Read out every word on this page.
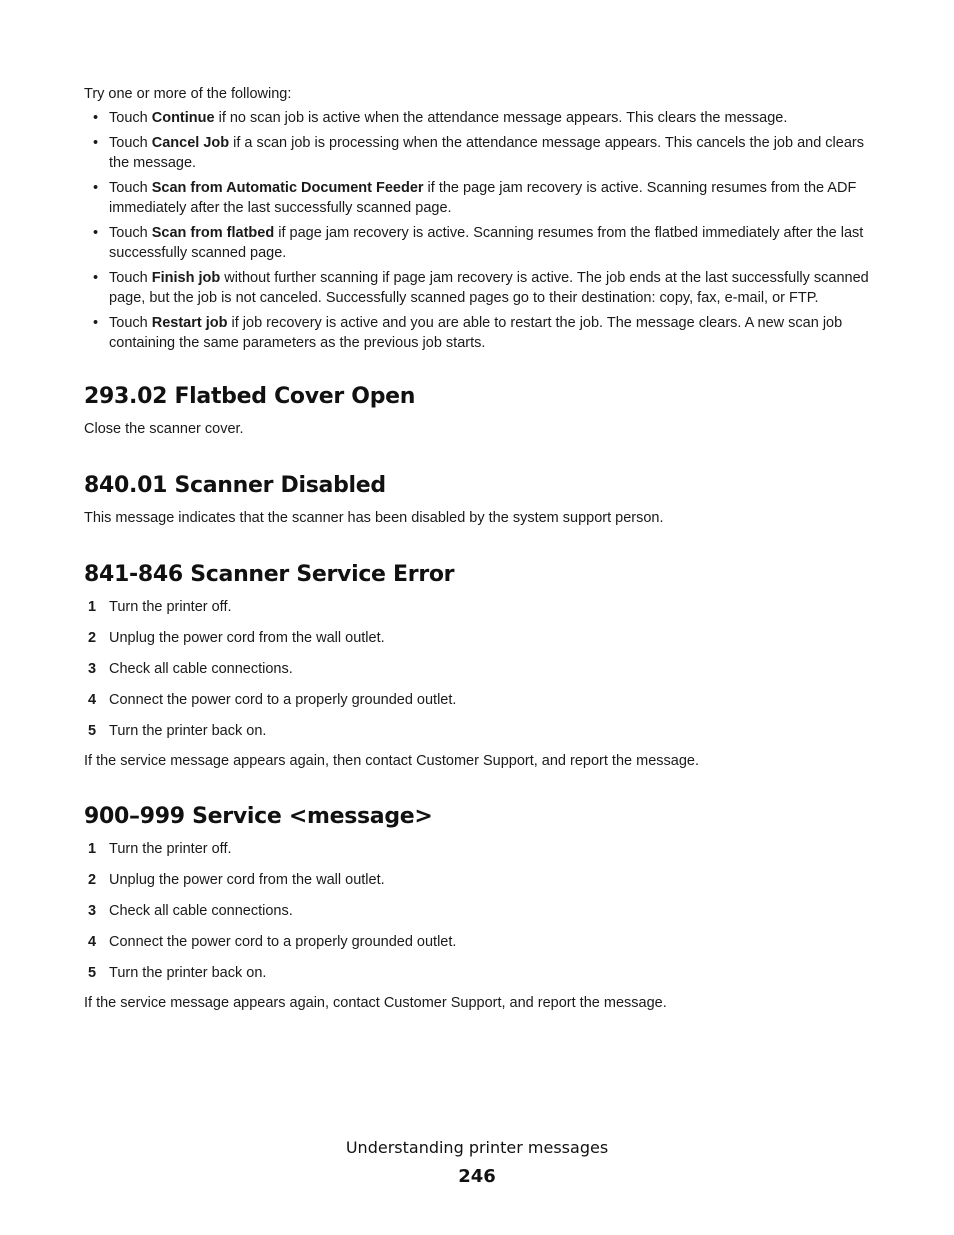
Try one or more of the following:

• Touch Continue if no scan job is active when the attendance message appears. This clears the message.
• Touch Cancel Job if a scan job is processing when the attendance message appears. This cancels the job and clears the message.
• Touch Scan from Automatic Document Feeder if the page jam recovery is active. Scanning resumes from the ADF immediately after the last successfully scanned page.
• Touch Scan from flatbed if page jam recovery is active. Scanning resumes from the flatbed immediately after the last successfully scanned page.
• Touch Finish job without further scanning if page jam recovery is active. The job ends at the last successfully scanned page, but the job is not canceled. Successfully scanned pages go to their destination: copy, fax, e-mail, or FTP.
• Touch Restart job if job recovery is active and you are able to restart the job. The message clears. A new scan job containing the same parameters as the previous job starts.
293.02 Flatbed Cover Open

Close the scanner cover.

840.01 Scanner Disabled

This message indicates that the scanner has been disabled by the system support person.

841-846 Scanner Service Error
1 Turn the printer off.
2 Unplug the power cord from the wall outlet.
3 Check all cable connections.
4 Connect the power cord to a properly grounded outlet.
5 Turn the printer back on.

If the service message appears again, then contact Customer Support, and report the message.

900–999 Service <message>
1 Turn the printer off.
2 Unplug the power cord from the wall outlet.
3 Check all cable connections.
4 Connect the power cord to a properly grounded outlet.
5 Turn the printer back on.

If the service message appears again, contact Customer Support, and report the message.

Understanding printer messages
246
